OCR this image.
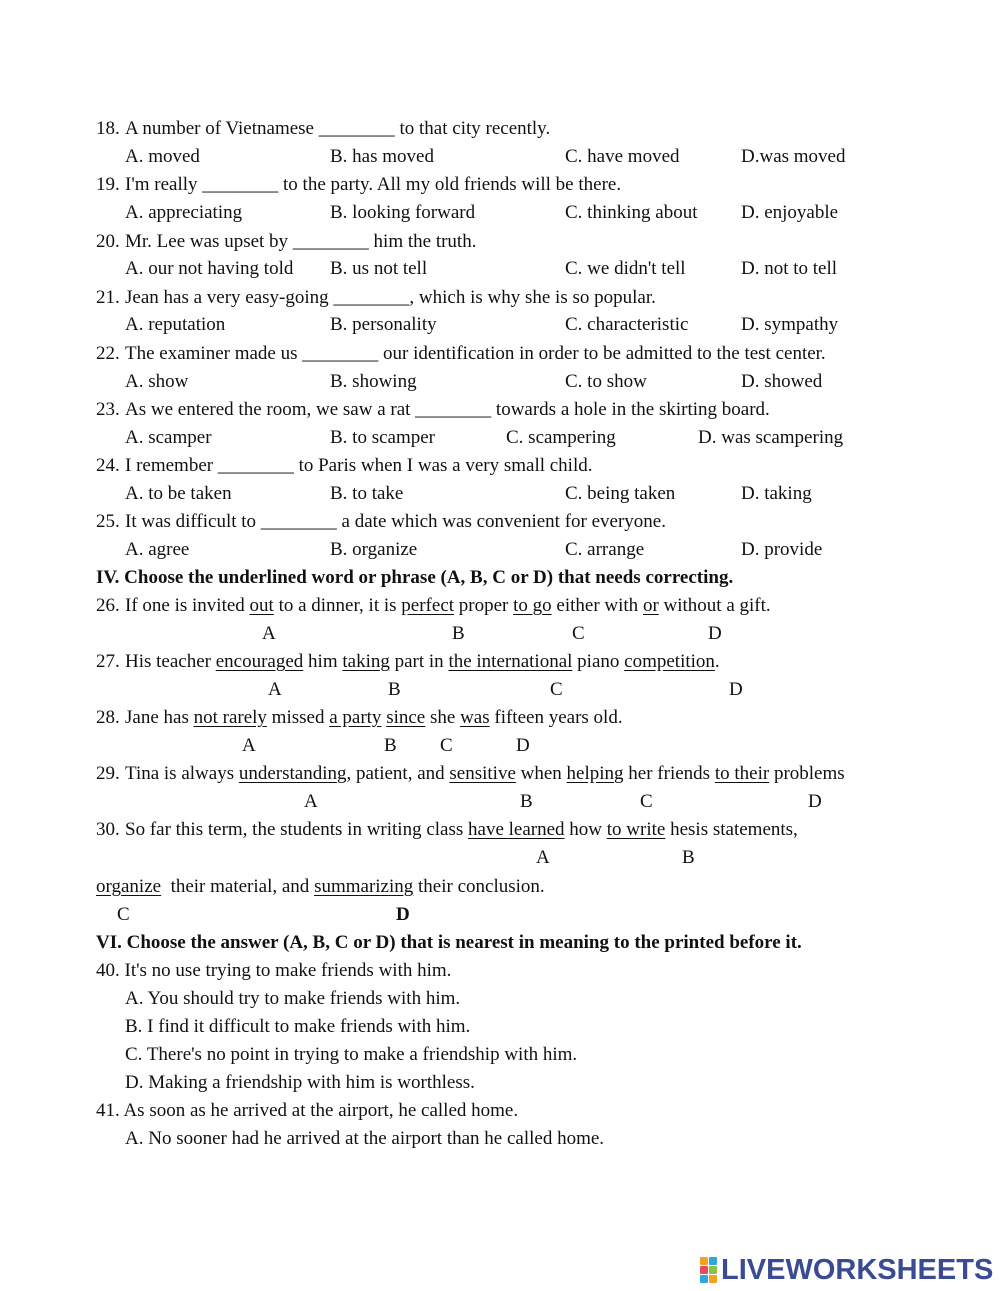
18. A number of Vietnamese ________ to that city recently.
A. moved	B. has moved	C. have moved	D.was moved
19. I'm really ________ to the party. All my old friends will be there.
A. appreciating	B. looking forward	C. thinking about D. enjoyable
20. Mr. Lee was upset by ________ him the truth.
A. our not having told B. us not tell	C. we didn't tell	D. not to tell
21. Jean has a very easy-going ________, which is why she is so popular.
A. reputation	B. personality	C. characteristic	D. sympathy
22. The examiner made us ________ our identification in order to be admitted to the test center.
A. show	B. showing	C. to show	D. showed
23. As we entered the room, we saw a rat ________ towards a hole in the skirting board.
A. scamper	B. to scamper	C. scampering	D. was scampering
24. I remember ________ to Paris when I was a very small child.
A. to be taken	B. to take	C. being taken	D. taking
25. It was difficult to ________ a date which was convenient for everyone.
A. agree	B. organize	C. arrange	D. provide
IV. Choose the underlined word or phrase (A, B, C or D) that needs correcting.
26. If one is invited out to a dinner, it is perfect proper to go either with or without a gift.
A	B	C	D
27. His teacher encouraged him taking part in the international piano competition.
A	B	C	D
28. Jane has not rarely missed a party since she was fifteen years old.
A	B C	D
29. Tina is always understanding, patient, and sensitive when helping her friends to their problems
A	B	C	D
30. So far this term, the students in writing class have learned how to write hesis statements,
A	B
organize  their material, and summarizing their conclusion.
C	D
VI. Choose the answer (A, B, C or D) that is nearest in meaning to the printed before it.
40. It's no use trying to make friends with him.
A. You should try to make friends with him.
B. I find it difficult to make friends with him.
C. There's no point in trying to make a friendship with him.
D. Making a friendship with him is worthless.
41. As soon as he arrived at the airport, he called home.
A. No sooner had he arrived at the airport than he called home.
LIVEWORKSHEETS
